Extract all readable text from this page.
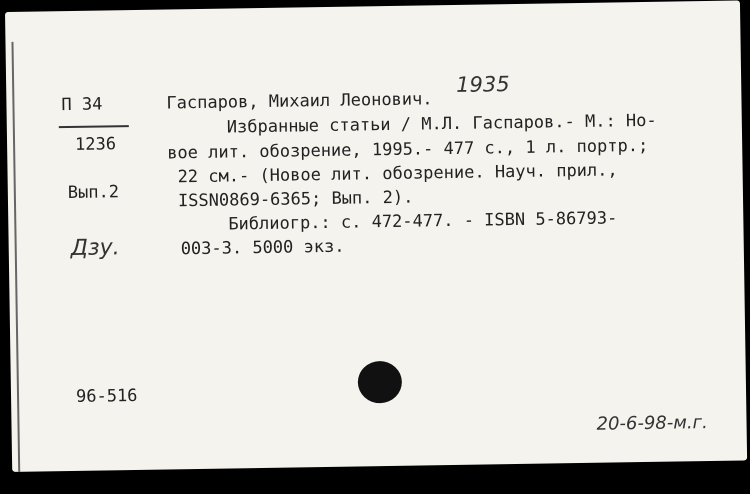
П 34
1236
Вып.2
Дзу.
Гаспаров, Михаил Леонович.
1935
Избранные статьи / М.Л. Гаспаров.- М.: Но-
вое лит. обозрение, 1995.- 477 с., 1 л. портр.;
22 см.- (Новое лит. обозрение. Науч. прил.,
ISSN0869-6365; Вып. 2).
Библиогр.: с. 472-477. - ISBN 5-86793-
003-3. 5000 экз.
96-516
20-6-98-м.г.
